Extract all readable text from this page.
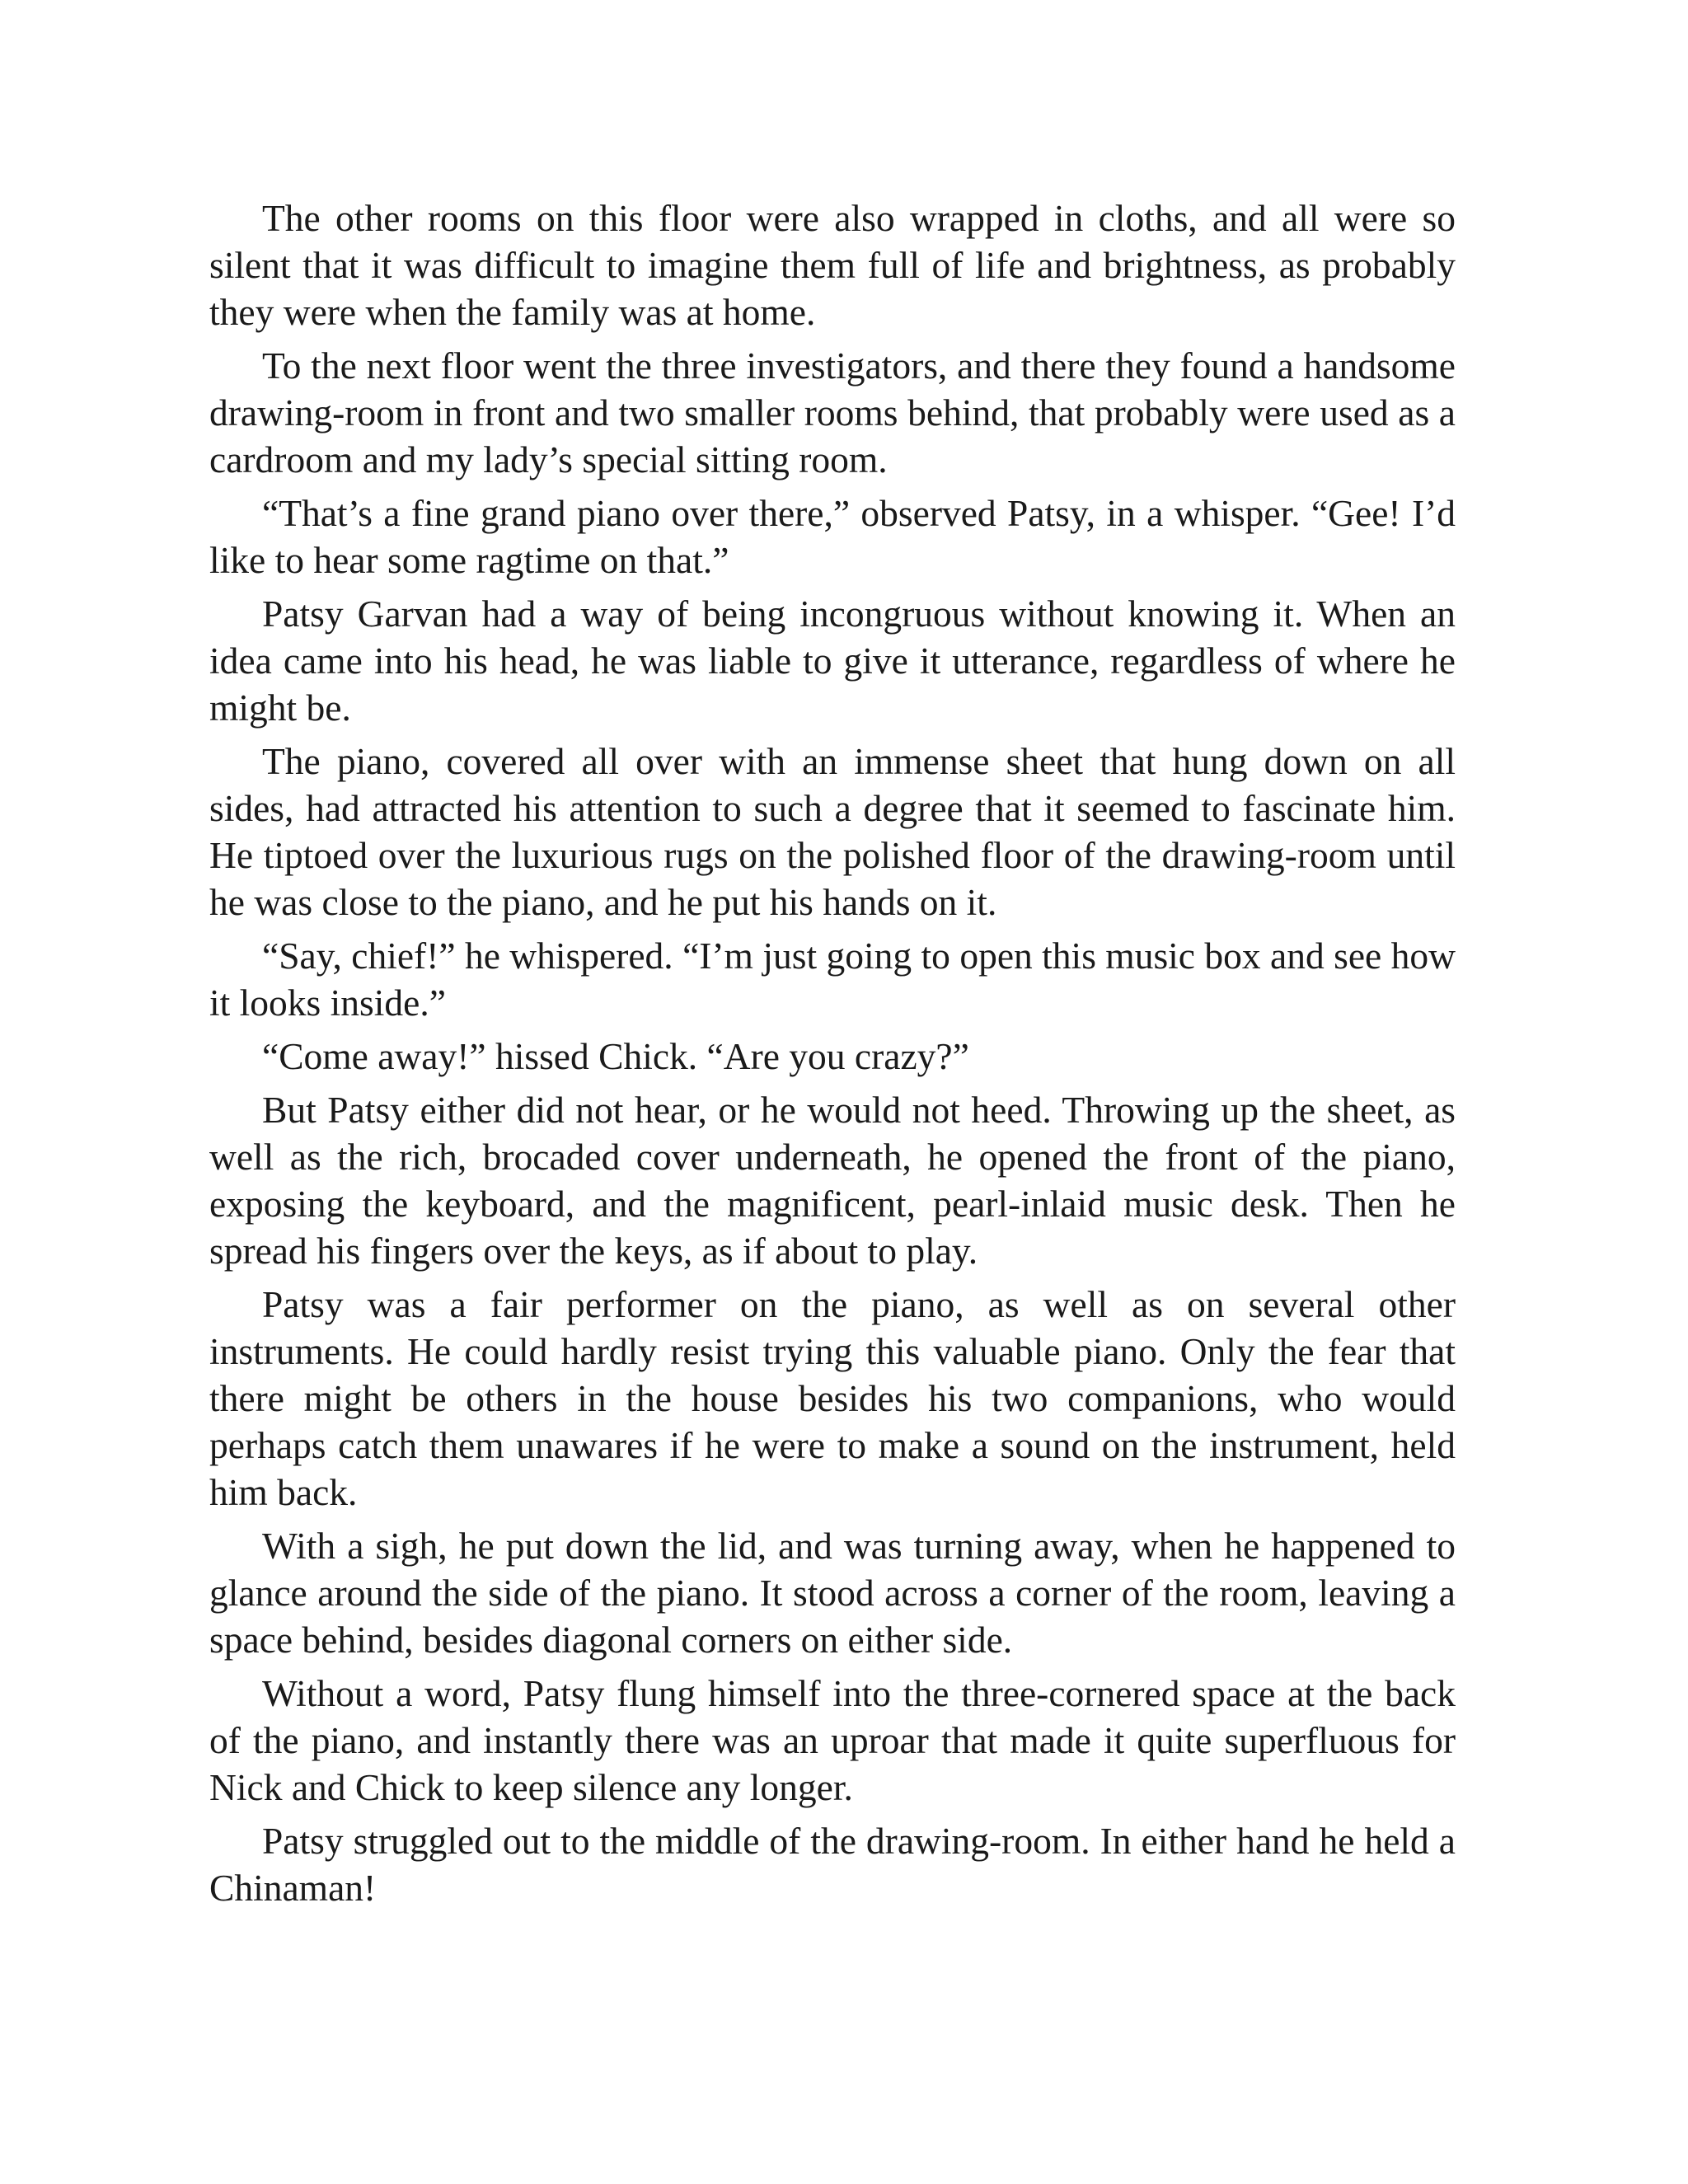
The other rooms on this floor were also wrapped in cloths, and all were so silent that it was difficult to imagine them full of life and brightness, as probably they were when the family was at home.

To the next floor went the three investigators, and there they found a handsome drawing-room in front and two smaller rooms behind, that probably were used as a cardroom and my lady’s special sitting room.

“That’s a fine grand piano over there,” observed Patsy, in a whisper. “Gee! I’d like to hear some ragtime on that.”

Patsy Garvan had a way of being incongruous without knowing it. When an idea came into his head, he was liable to give it utterance, regardless of where he might be.

The piano, covered all over with an immense sheet that hung down on all sides, had attracted his attention to such a degree that it seemed to fascinate him. He tiptoed over the luxurious rugs on the polished floor of the drawing-room until he was close to the piano, and he put his hands on it.

“Say, chief!” he whispered. “I’m just going to open this music box and see how it looks inside.”

“Come away!” hissed Chick. “Are you crazy?”

But Patsy either did not hear, or he would not heed. Throwing up the sheet, as well as the rich, brocaded cover underneath, he opened the front of the piano, exposing the keyboard, and the magnificent, pearl-inlaid music desk. Then he spread his fingers over the keys, as if about to play.

Patsy was a fair performer on the piano, as well as on several other instruments. He could hardly resist trying this valuable piano. Only the fear that there might be others in the house besides his two companions, who would perhaps catch them unawares if he were to make a sound on the instrument, held him back.

With a sigh, he put down the lid, and was turning away, when he happened to glance around the side of the piano. It stood across a corner of the room, leaving a space behind, besides diagonal corners on either side.

Without a word, Patsy flung himself into the three-cornered space at the back of the piano, and instantly there was an uproar that made it quite superfluous for Nick and Chick to keep silence any longer.

Patsy struggled out to the middle of the drawing-room. In either hand he held a Chinaman!
